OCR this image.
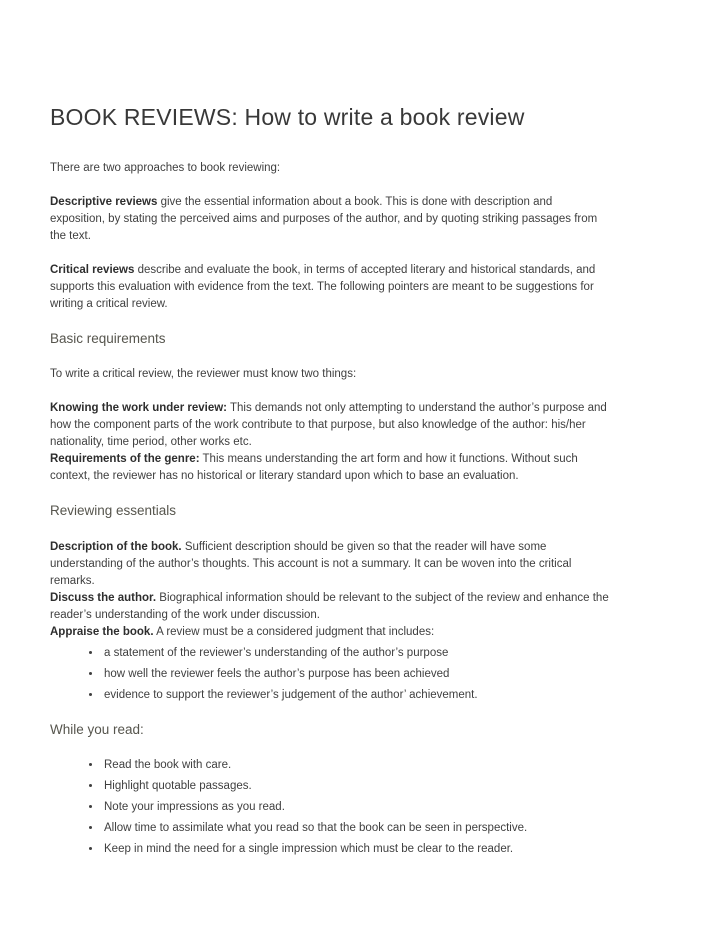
BOOK REVIEWS: How to write a book review

There are two approaches to book reviewing:

Descriptive reviews give the essential information about a book. This is done with description and exposition, by stating the perceived aims and purposes of the author, and by quoting striking passages from the text.

Critical reviews describe and evaluate the book, in terms of accepted literary and historical standards, and supports this evaluation with evidence from the text. The following pointers are meant to be suggestions for writing a critical review.

Basic requirements

To write a critical review, the reviewer must know two things:

Knowing the work under review: This demands not only attempting to understand the author’s purpose and how the component parts of the work contribute to that purpose, but also knowledge of the author: his/her nationality, time period, other works etc.
Requirements of the genre: This means understanding the art form and how it functions. Without such context, the reviewer has no historical or literary standard upon which to base an evaluation.

Reviewing essentials

Description of the book. Sufficient description should be given so that the reader will have some understanding of the author’s thoughts. This account is not a summary. It can be woven into the critical remarks.
Discuss the author. Biographical information should be relevant to the subject of the review and enhance the reader’s understanding of the work under discussion.
Appraise the book. A review must be a considered judgment that includes:

• a statement of the reviewer’s understanding of the author’s purpose
• how well the reviewer feels the author’s purpose has been achieved
• evidence to support the reviewer’s judgement of the author’ achievement.
While you read:
• Read the book with care.
• Highlight quotable passages.
• Note your impressions as you read.
• Allow time to assimilate what you read so that the book can be seen in perspective.
• Keep in mind the need for a single impression which must be clear to the reader.
